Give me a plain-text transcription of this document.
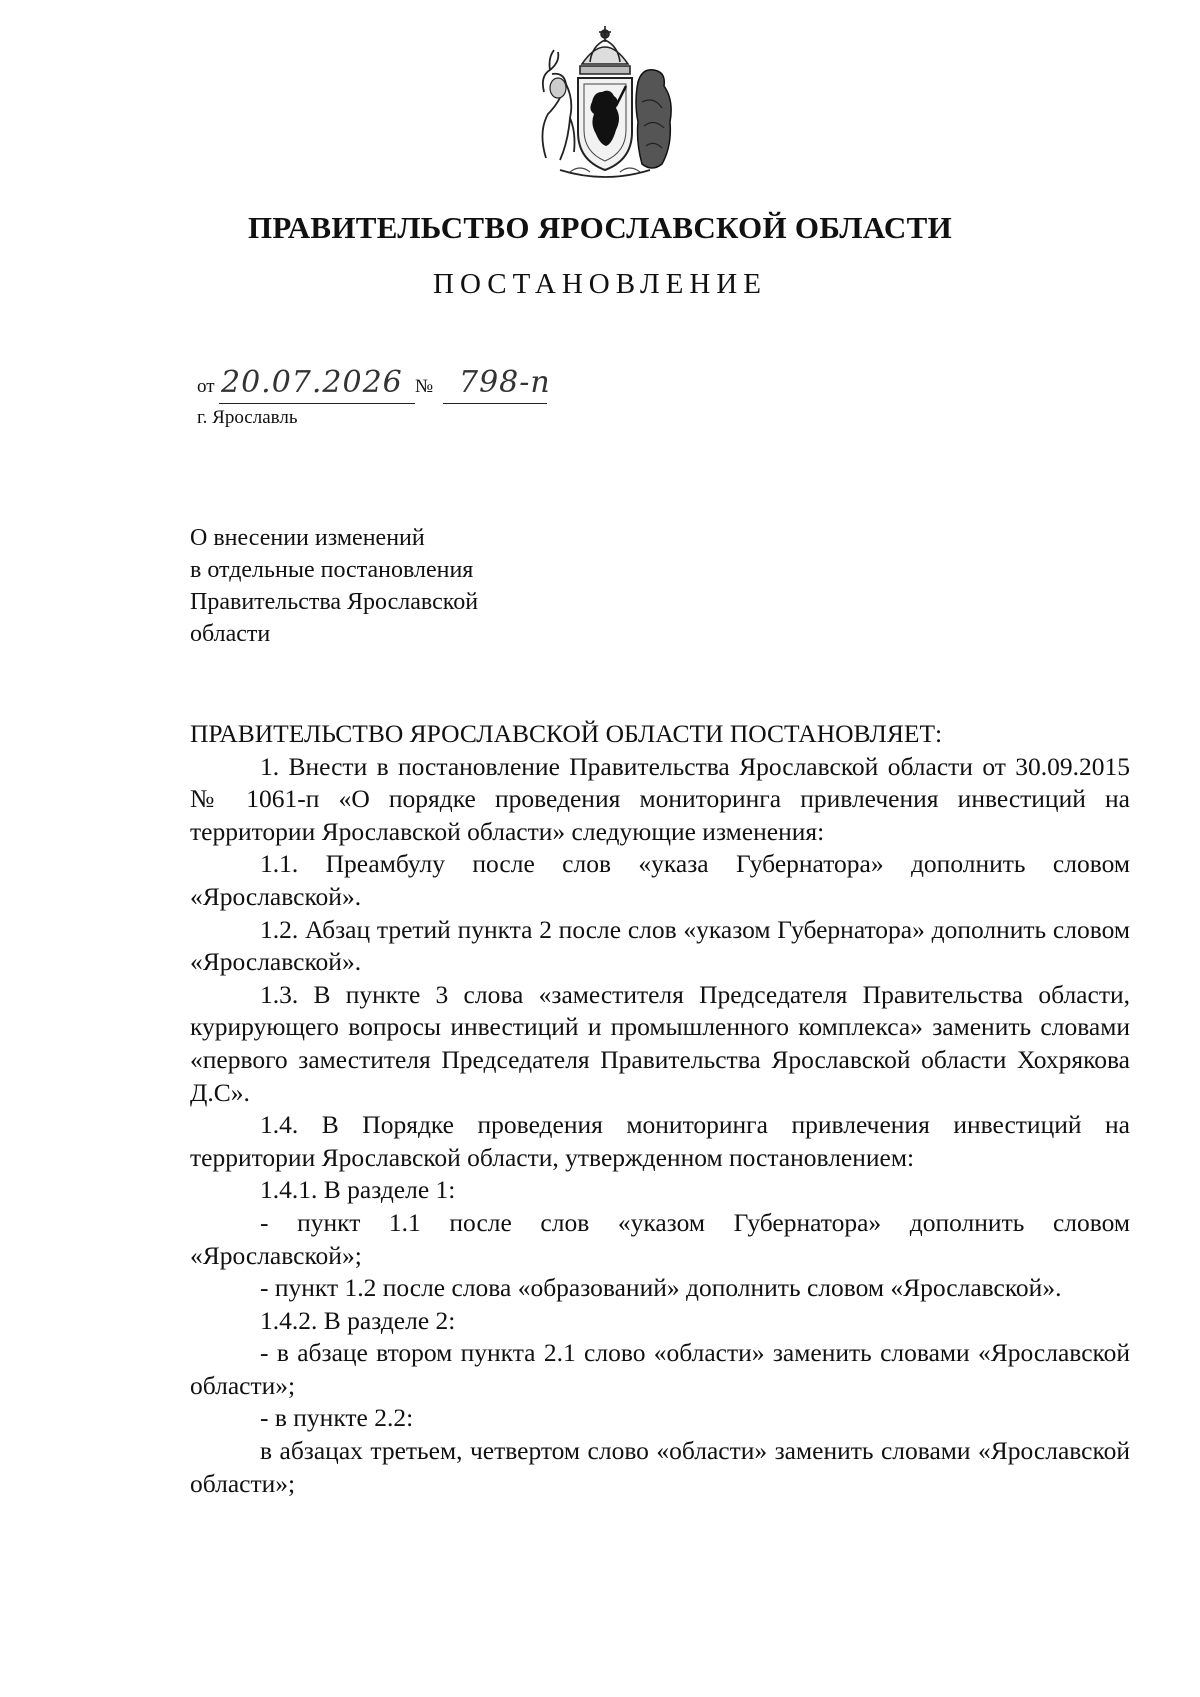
ПРАВИТЕЛЬСТВО ЯРОСЛАВСКОЙ ОБЛАСТИ
ПОСТАНОВЛЕНИЕ
от 20.07.2026 № 798-п
г. Ярославль
О внесении изменений
в отдельные постановления
Правительства Ярославской
области
ПРАВИТЕЛЬСТВО ЯРОСЛАВСКОЙ ОБЛАСТИ ПОСТАНОВЛЯЕТ:
1. Внести в постановление Правительства Ярославской области от 30.09.2015 № 1061-п «О порядке проведения мониторинга привлечения инвестиций на территории Ярославской области» следующие изменения:
1.1. Преамбулу после слов «указа Губернатора» дополнить словом «Ярославской».
1.2. Абзац третий пункта 2 после слов «указом Губернатора» дополнить словом «Ярославской».
1.3. В пункте 3 слова «заместителя Председателя Правительства области, курирующего вопросы инвестиций и промышленного комплекса» заменить словами «первого заместителя Председателя Правительства Ярославской области Хохрякова Д.С».
1.4. В Порядке проведения мониторинга привлечения инвестиций на территории Ярославской области, утвержденном постановлением:
1.4.1. В разделе 1:
- пункт 1.1 после слов «указом Губернатора» дополнить словом «Ярославской»;
- пункт 1.2 после слова «образований» дополнить словом «Ярославской».
1.4.2. В разделе 2:
- в абзаце втором пункта 2.1 слово «области» заменить словами «Ярославской области»;
- в пункте 2.2:
в абзацах третьем, четвертом слово «области» заменить словами «Ярославской области»;
